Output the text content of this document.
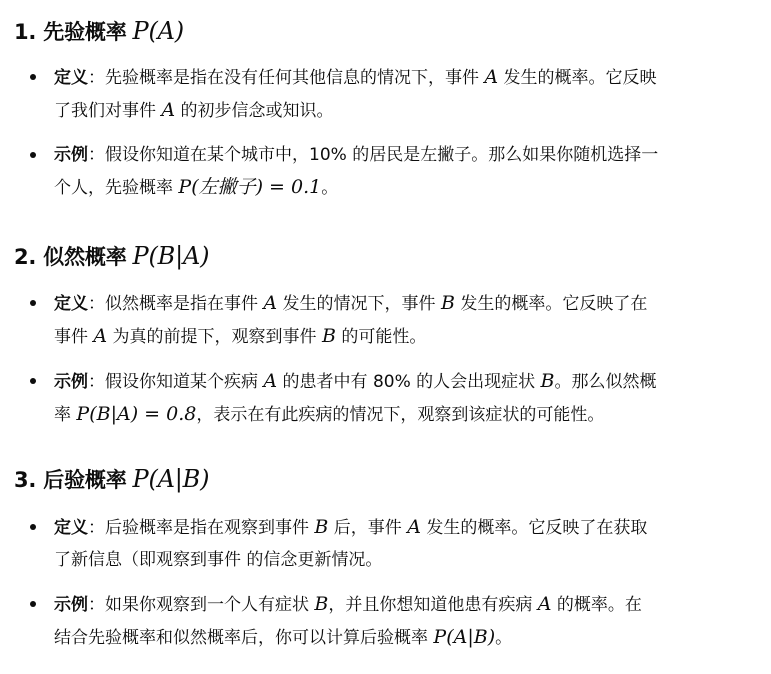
1. 先验概率 P(A)
定义：先验概率是指在没有任何其他信息的情况下，事件 A 发生的概率。它反映
了我们对事件 A 的初步信念或知识。
示例：假设你知道在某个城市中，10% 的居民是左撇子。那么如果你随机选择一
个人，先验概率 P(左撇子) = 0.1。
2. 似然概率 P(B|A)
定义：似然概率是指在事件 A 发生的情况下，事件 B 发生的概率。它反映了在
事件 A 为真的前提下，观察到事件 B 的可能性。
示例：假设你知道某个疾病 A 的患者中有 80% 的人会出现症状 B。那么似然概
率 P(B|A) = 0.8，表示在有此疾病的情况下，观察到该症状的可能性。
3. 后验概率 P(A|B)
定义：后验概率是指在观察到事件 B 后，事件 A 发生的概率。它反映了在获取
了新信息（即观察到事件 的信念更新情况。
示例：如果你观察到一个人有症状 B，并且你想知道他患有疾病 A 的概率。在
结合先验概率和似然概率后，你可以计算后验概率 P(A|B)。
